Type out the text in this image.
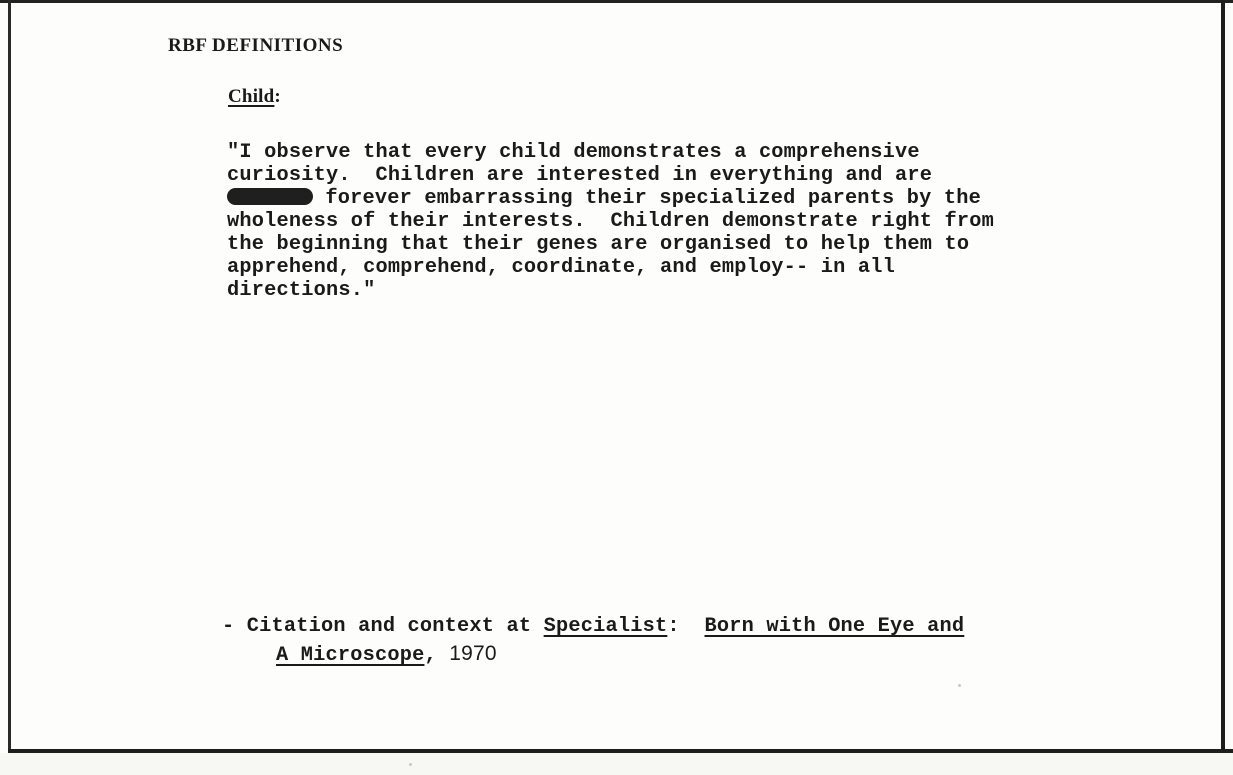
RBF DEFINITIONS

Child:

"I observe that every child demonstrates a comprehensive

curiosity.  Children are interested in everything and are

forever embarrassing their specialized parents by the

wholeness of their interests.  Children demonstrate right from

the beginning that their genes are organised to help them to

apprehend, comprehend, coordinate, and employ-- in all

directions."

- Citation and context at Specialist:  Born with One Eye and

A Microscope, 1970
